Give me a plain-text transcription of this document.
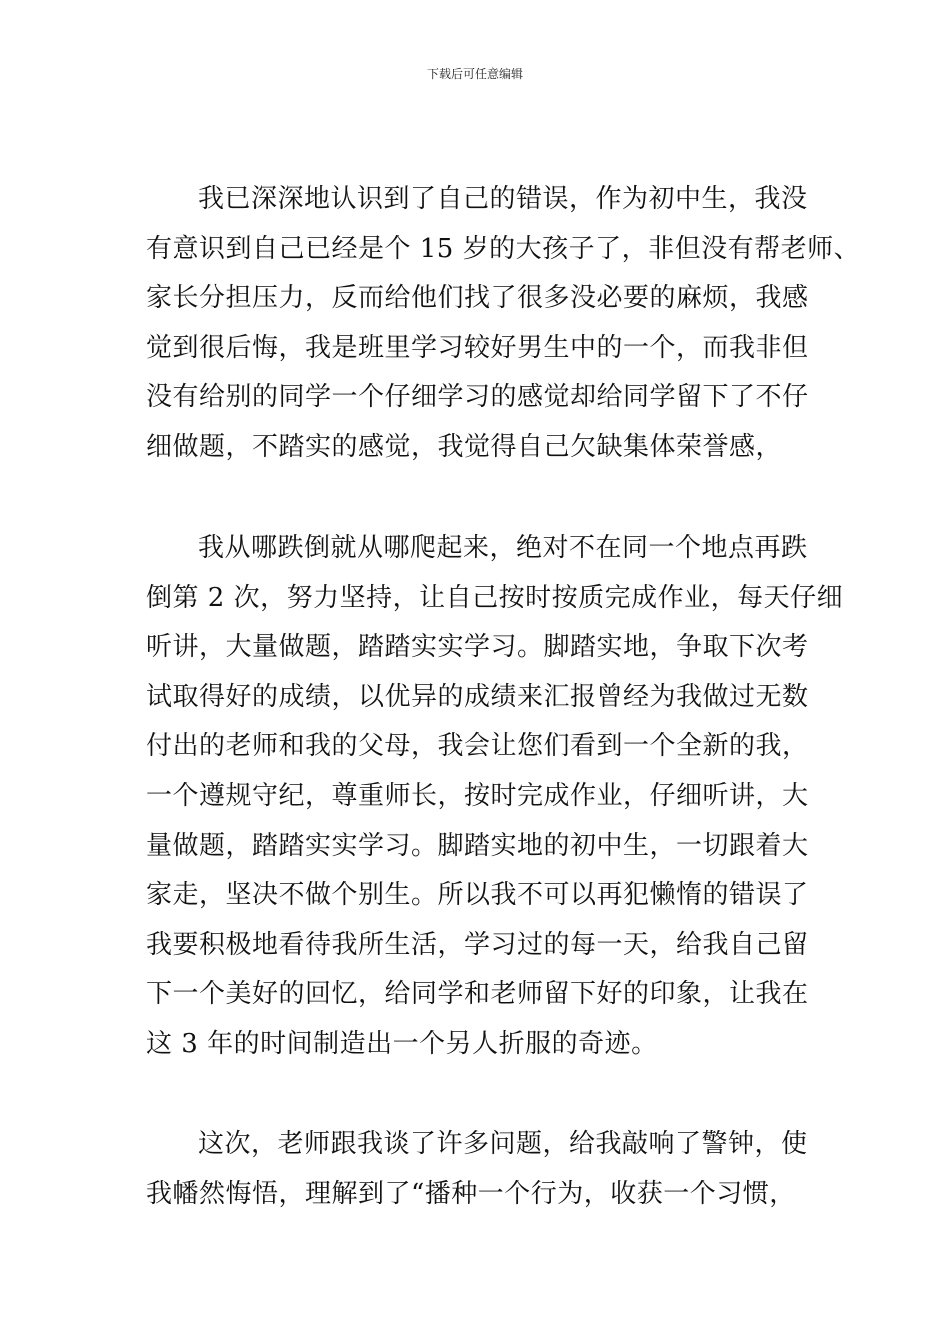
下载后可任意编辑

我已深深地认识到了自己的错误，作为初中生，我没
有意识到自己已经是个 15 岁的大孩子了，非但没有帮老师、
家长分担压力，反而给他们找了很多没必要的麻烦，我感
觉到很后悔，我是班里学习较好男生中的一个，而我非但
没有给别的同学一个仔细学习的感觉却给同学留下了不仔
细做题，不踏实的感觉，我觉得自己欠缺集体荣誉感，

我从哪跌倒就从哪爬起来，绝对不在同一个地点再跌
倒第 2 次，努力坚持，让自己按时按质完成作业，每天仔细
听讲，大量做题，踏踏实实学习。脚踏实地，争取下次考
试取得好的成绩，以优异的成绩来汇报曾经为我做过无数
付出的老师和我的父母，我会让您们看到一个全新的我，
一个遵规守纪，尊重师长，按时完成作业，仔细听讲，大
量做题，踏踏实实学习。脚踏实地的初中生，一切跟着大
家走，坚决不做个别生。所以我不可以再犯懒惰的错误了
我要积极地看待我所生活，学习过的每一天，给我自己留
下一个美好的回忆，给同学和老师留下好的印象，让我在
这 3 年的时间制造出一个另人折服的奇迹。

这次，老师跟我谈了许多问题，给我敲响了警钟，使
我幡然悔悟，理解到了“播种一个行为，收获一个习惯，
